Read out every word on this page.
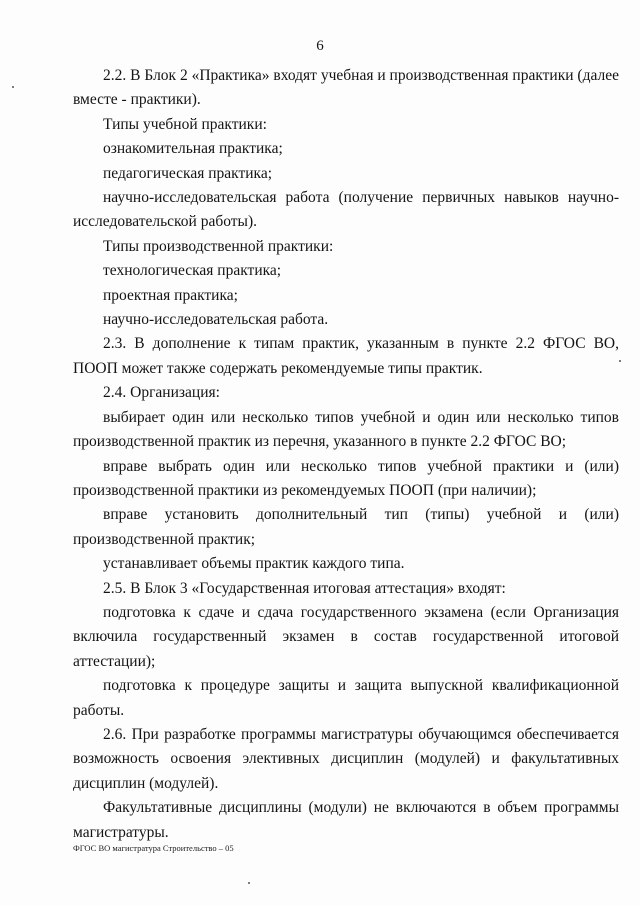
6

2.2. В Блок 2 «Практика» входят учебная и производственная практики (далее вместе - практики).

Типы учебной практики:

ознакомительная практика;

педагогическая практика;

научно-исследовательская работа (получение первичных навыков научно-исследовательской работы).

Типы производственной практики:

технологическая практика;

проектная практика;

научно-исследовательская работа.

2.3. В дополнение к типам практик, указанным в пункте 2.2 ФГОС ВО, ПООП может также содержать рекомендуемые типы практик.

2.4. Организация:

выбирает один или несколько типов учебной и один или несколько типов производственной практик из перечня, указанного в пункте 2.2 ФГОС ВО;

вправе выбрать один или несколько типов учебной практики и (или) производственной практики из рекомендуемых ПООП (при наличии);

вправе установить дополнительный тип (типы) учебной и (или) производственной практик;

устанавливает объемы практик каждого типа.

2.5. В Блок 3 «Государственная итоговая аттестация» входят:

подготовка к сдаче и сдача государственного экзамена (если Организация включила государственный экзамен в состав государственной итоговой аттестации);

подготовка к процедуре защиты и защита выпускной квалификационной работы.

2.6. При разработке программы магистратуры обучающимся обеспечивается возможность освоения элективных дисциплин (модулей) и факультативных дисциплин (модулей).

Факультативные дисциплины (модули) не включаются в объем программы магистратуры.

ФГОС ВО магистратура Строительство – 05
